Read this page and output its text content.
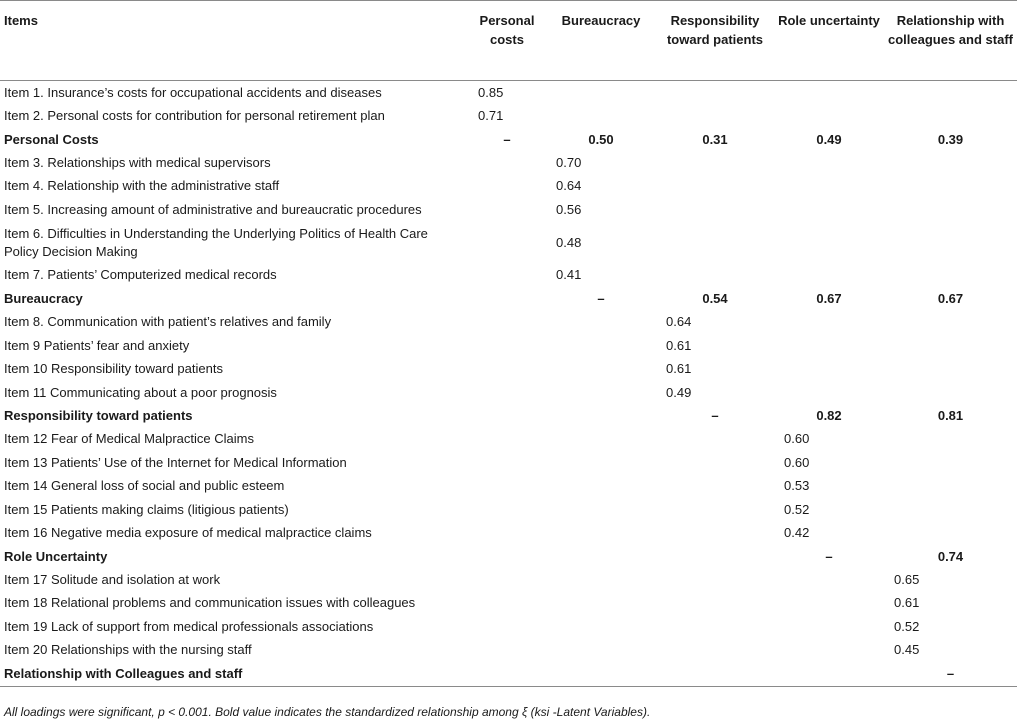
Items	Personal costs	Bureaucracy	Responsibility toward patients	Role uncertainty	Relationship with colleagues and staff
Item 1. Insurance’s costs for occupational accidents and diseases	0.85				
Item 2. Personal costs for contribution for personal retirement plan	0.71				
Personal Costs	–	0.50	0.31	0.49	0.39
Item 3. Relationships with medical supervisors		0.70			
Item 4. Relationship with the administrative staff		0.64			
Item 5. Increasing amount of administrative and bureaucratic procedures		0.56			
Item 6. Difficulties in Understanding the Underlying Politics of Health Care Policy Decision Making		0.48			
Item 7. Patients’ Computerized medical records		0.41			
Bureaucracy		–	0.54	0.67	0.67
Item 8. Communication with patient’s relatives and family			0.64		
Item 9 Patients’ fear and anxiety			0.61		
Item 10 Responsibility toward patients			0.61		
Item 11 Communicating about a poor prognosis			0.49		
Responsibility toward patients			–	0.82	0.81
Item 12 Fear of Medical Malpractice Claims				0.60	
Item 13 Patients’ Use of the Internet for Medical Information				0.60	
Item 14 General loss of social and public esteem				0.53	
Item 15 Patients making claims (litigious patients)				0.52	
Item 16 Negative media exposure of medical malpractice claims				0.42	
Role Uncertainty				–	0.74
Item 17 Solitude and isolation at work					0.65
Item 18 Relational problems and communication issues with colleagues					0.61
Item 19 Lack of support from medical professionals associations					0.52
Item 20 Relationships with the nursing staff					0.45
Relationship with Colleagues and staff					–
All loadings were significant, p < 0.001. Bold value indicates the standardized relationship among ξ (ksi -Latent Variables).
